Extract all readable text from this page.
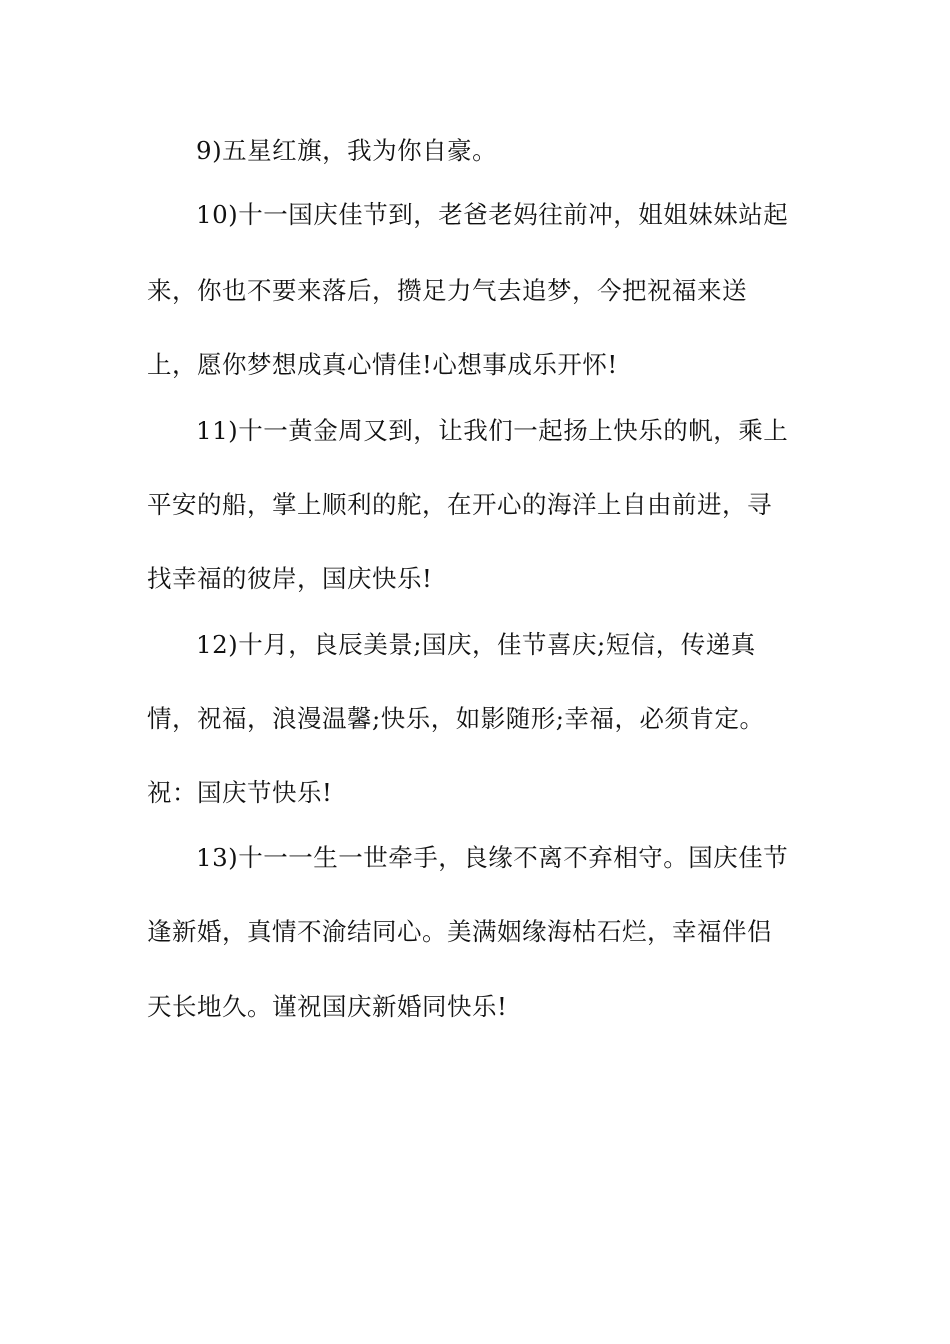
9)五星红旗，我为你自豪。
10)十一国庆佳节到，老爸老妈往前冲，姐姐妹妹站起
来，你也不要来落后，攒足力气去追梦，今把祝福来送
上，愿你梦想成真心情佳!心想事成乐开怀!
11)十一黄金周又到，让我们一起扬上快乐的帆，乘上
平安的船，掌上顺利的舵，在开心的海洋上自由前进，寻
找幸福的彼岸，国庆快乐!
12)十月，良辰美景;国庆，佳节喜庆;短信，传递真
情，祝福，浪漫温馨;快乐，如影随形;幸福，必须肯定。
祝：国庆节快乐!
13)十一一生一世牵手，良缘不离不弃相守。国庆佳节
逢新婚，真情不渝结同心。美满姻缘海枯石烂，幸福伴侣
天长地久。谨祝国庆新婚同快乐!
